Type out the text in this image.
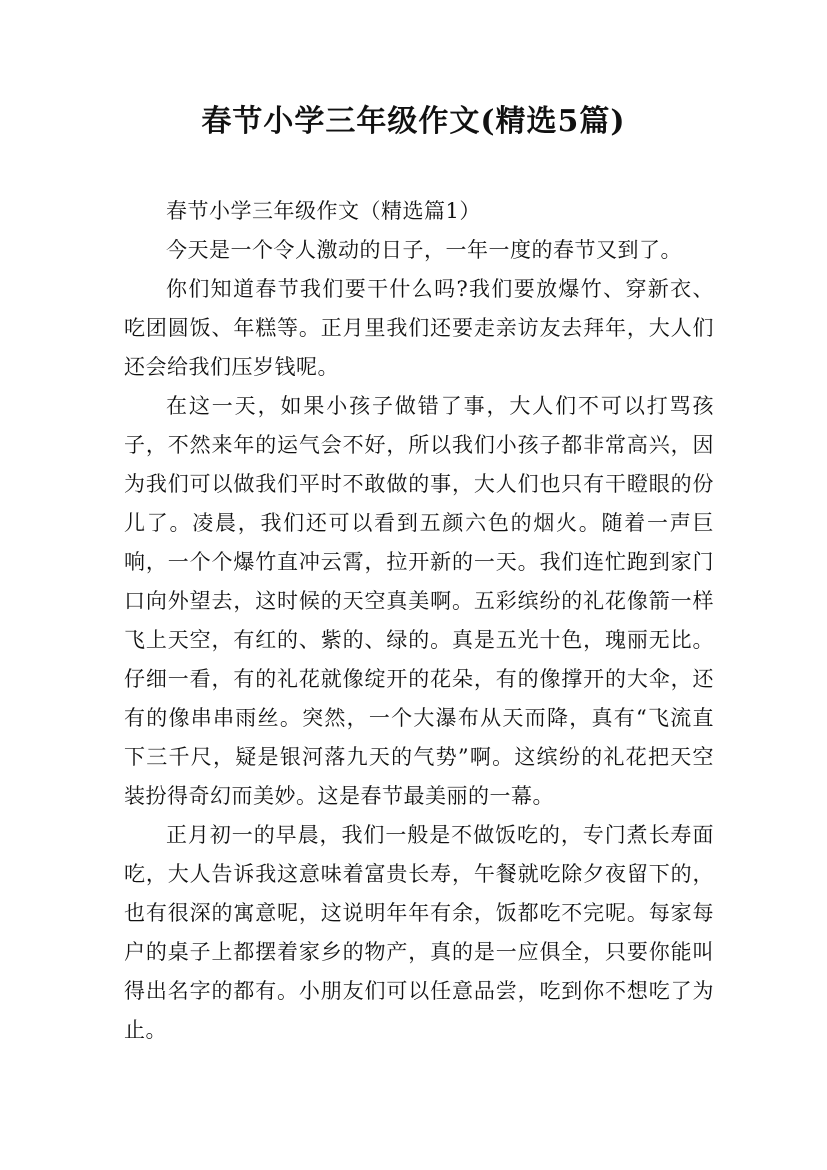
春节小学三年级作文(精选5篇)

春节小学三年级作文（精选篇1）

今天是一个令人激动的日子，一年一度的春节又到了。

你们知道春节我们要干什么吗?我们要放爆竹、穿新衣、吃团圆饭、年糕等。正月里我们还要走亲访友去拜年，大人们还会给我们压岁钱呢。

在这一天，如果小孩子做错了事，大人们不可以打骂孩子，不然来年的运气会不好，所以我们小孩子都非常高兴，因为我们可以做我们平时不敢做的事，大人们也只有干瞪眼的份儿了。凌晨，我们还可以看到五颜六色的烟火。随着一声巨响，一个个爆竹直冲云霄，拉开新的一天。我们连忙跑到家门口向外望去，这时候的天空真美啊。五彩缤纷的礼花像箭一样飞上天空，有红的、紫的、绿的。真是五光十色，瑰丽无比。仔细一看，有的礼花就像绽开的花朵，有的像撑开的大伞，还有的像串串雨丝。突然，一个大瀑布从天而降，真有“飞流直下三千尺，疑是银河落九天的气势”啊。这缤纷的礼花把天空装扮得奇幻而美妙。这是春节最美丽的一幕。

正月初一的早晨，我们一般是不做饭吃的，专门煮长寿面吃，大人告诉我这意味着富贵长寿，午餐就吃除夕夜留下的，也有很深的寓意呢，这说明年年有余，饭都吃不完呢。每家每户的桌子上都摆着家乡的物产，真的是一应俱全，只要你能叫得出名字的都有。小朋友们可以任意品尝，吃到你不想吃了为止。
